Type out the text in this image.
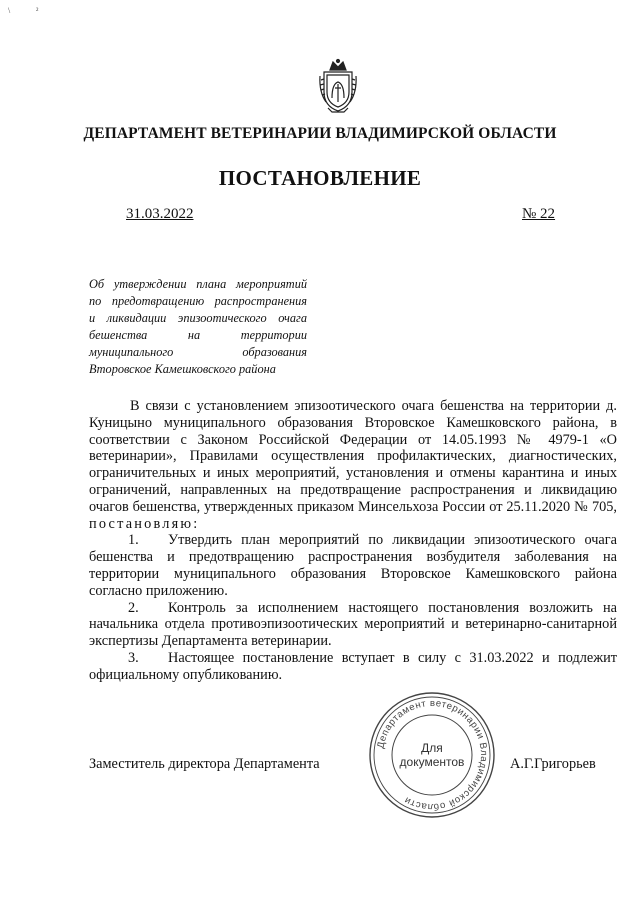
\	²
ДЕПАРТАМЕНТ ВЕТЕРИНАРИИ ВЛАДИМИРСКОЙ ОБЛАСТИ
ПОСТАНОВЛЕНИЕ
31.03.2022	№ 22
Об утверждении плана мероприятий
по предотвращению распространения
и ликвидации эпизоотического очага
бешенства на территории
муниципального образования
Второвское Камешковского района

В связи с установлением эпизоотического очага бешенства на территории д. Куницыно муниципального образования Второвское Камешковского района, в соответствии с Законом Российской Федерации от 14.05.1993 № 4979-1 «О ветеринарии», Правилами осуществления профилактических, диагностических, ограничительных и иных мероприятий, установления и отмены карантина и иных ограничений, направленных на предотвращение распространения и ликвидацию очагов бешенства, утвержденных приказом Минсельхоза России от 25.11.2020 № 705, постановляю:

1. Утвердить план мероприятий по ликвидации эпизоотического очага бешенства и предотвращению распространения возбудителя заболевания на территории муниципального образования Второвское Камешковского района согласно приложению.

2. Контроль за исполнением настоящего постановления возложить на начальника отдела противоэпизоотических мероприятий и ветеринарно-санитарной экспертизы Департамента ветеринарии.

3. Настоящее постановление вступает в силу с 31.03.2022 и подлежит официальному опубликованию.

Заместитель директора Департамента	А.Г.Григорьев
Департамент ветеринарии Владимирской области
Для
документов
